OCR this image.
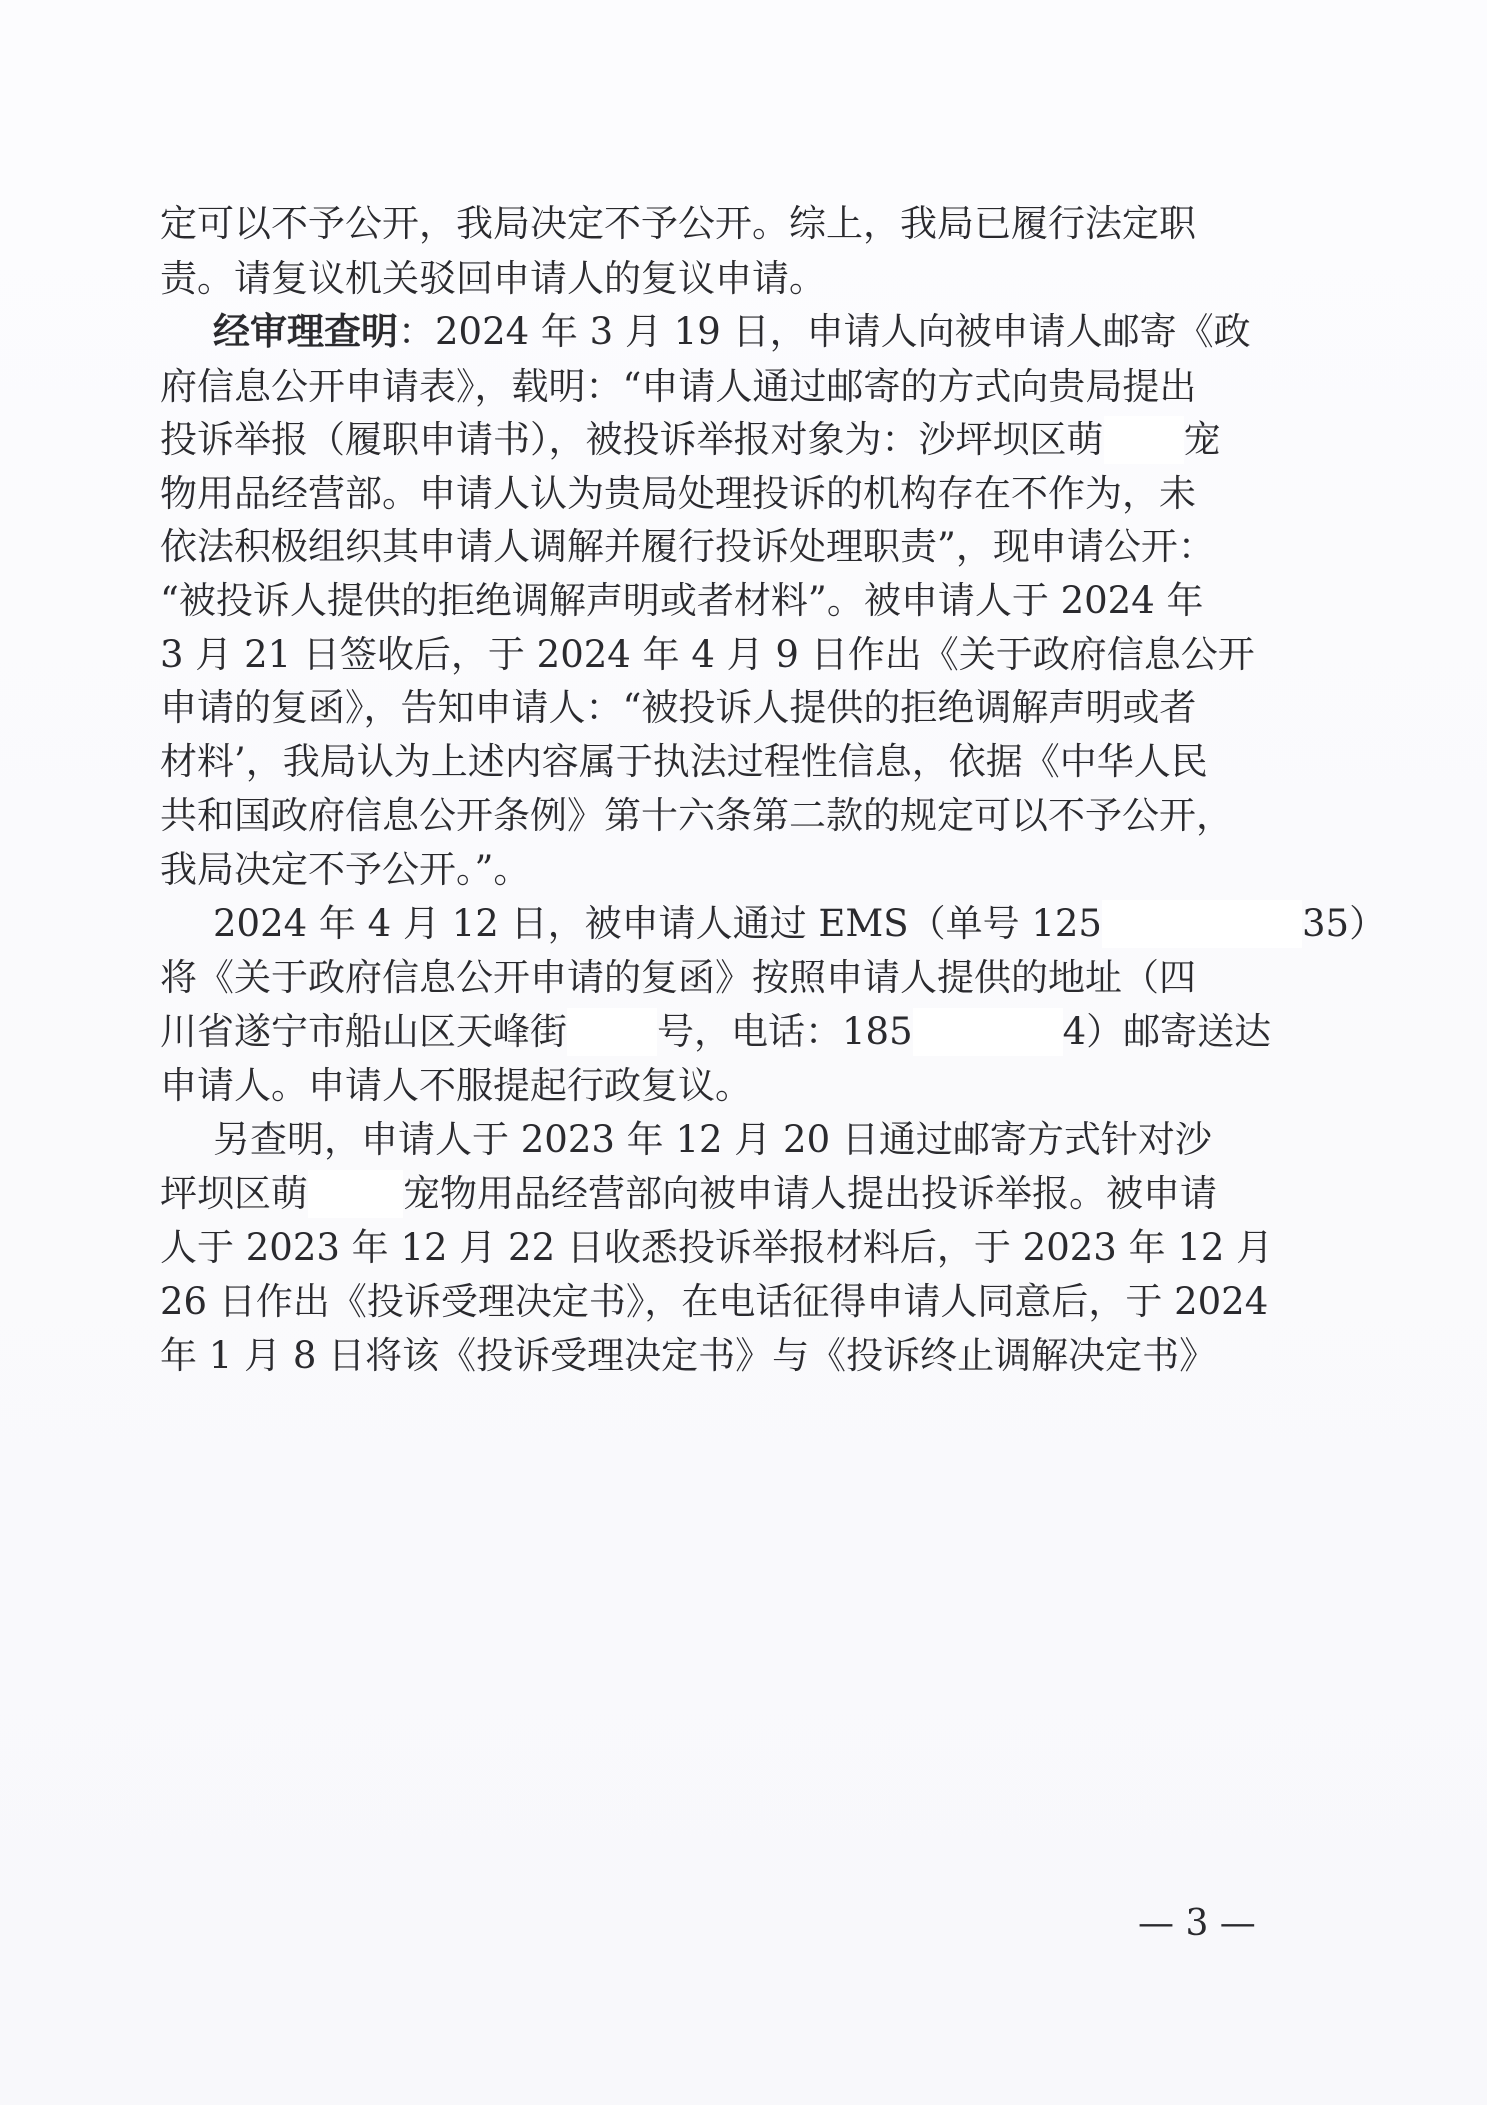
定可以不予公开，我局决定不予公开。综上，我局已履行法定职
责。请复议机关驳回申请人的复议申请。
经审理查明：2024 年 3 月 19 日，申请人向被申请人邮寄《政
府信息公开申请表》，载明：“申请人通过邮寄的方式向贵局提出
投诉举报（履职申请书），被投诉举报对象为：沙坪坝区萌 宠
物用品经营部。申请人认为贵局处理投诉的机构存在不作为，未
依法积极组织其申请人调解并履行投诉处理职责”，现申请公开：
“被投诉人提供的拒绝调解声明或者材料”。被申请人于 2024 年
3 月 21 日签收后，于 2024 年 4 月 9 日作出《关于政府信息公开
申请的复函》，告知申请人：“被投诉人提供的拒绝调解声明或者
材料’，我局认为上述内容属于执法过程性信息，依据《中华人民
共和国政府信息公开条例》第十六条第二款的规定可以不予公开，
我局决定不予公开。”。
2024 年 4 月 12 日，被申请人通过 EMS（单号 125	35）
将《关于政府信息公开申请的复函》按照申请人提供的地址（四
川省遂宁市船山区天峰街 号，电话：185	4）邮寄送达
申请人。申请人不服提起行政复议。
另查明，申请人于 2023 年 12 月 20 日通过邮寄方式针对沙
坪坝区萌	宠物用品经营部向被申请人提出投诉举报。被申请
人于 2023 年 12 月 22 日收悉投诉举报材料后，于 2023 年 12 月
26 日作出《投诉受理决定书》，在电话征得申请人同意后，于 2024
年 1 月 8 日将该《投诉受理决定书》与《投诉终止调解决定书》
— 3 —
